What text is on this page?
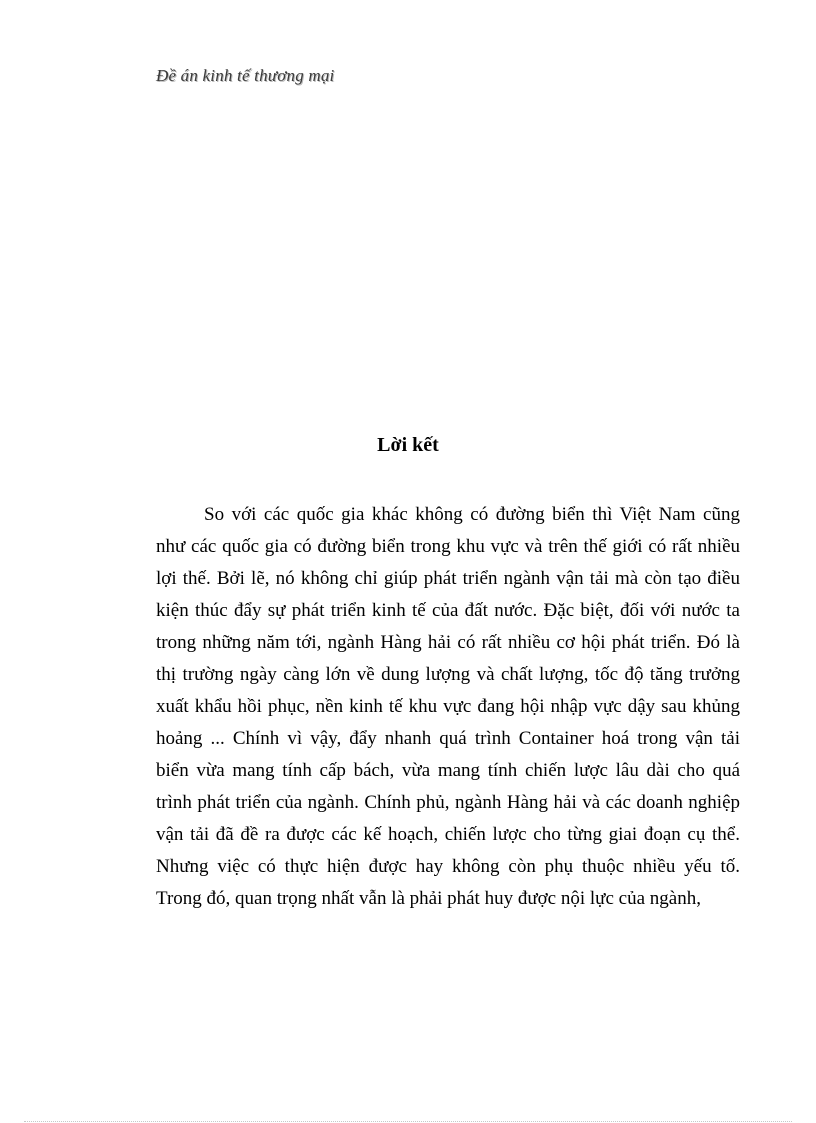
Đề án kinh tế thương mại
Lời kết
So với các quốc gia khác không có đường biển thì Việt Nam cũng
như các quốc gia có đường biển trong khu vực và trên thế giới có rất nhiều
lợi thế. Bởi lẽ, nó không chỉ giúp phát triển ngành vận tải mà còn tạo điều
kiện thúc đẩy sự phát triển kinh tế của đất nước. Đặc biệt, đối với nước ta
trong những năm tới, ngành Hàng hải có rất nhiều cơ hội phát triển. Đó là
thị trường ngày càng lớn về dung lượng và chất lượng, tốc độ tăng trưởng
xuất khẩu hồi phục, nền kinh tế khu vực đang hội nhập vực dậy sau khủng
hoảng ... Chính vì vậy, đẩy nhanh quá trình Container hoá trong vận tải
biển vừa mang tính cấp bách, vừa mang tính chiến lược lâu dài cho quá
trình phát triển của ngành. Chính phủ, ngành Hàng hải và các doanh nghiệp
vận tải đã đề ra được các kế hoạch, chiến lược cho từng giai đoạn cụ thể.
Nhưng việc có thực hiện được hay không còn phụ thuộc nhiều yếu tố.
Trong đó, quan trọng nhất vẫn là phải phát huy được nội lực của ngành,
